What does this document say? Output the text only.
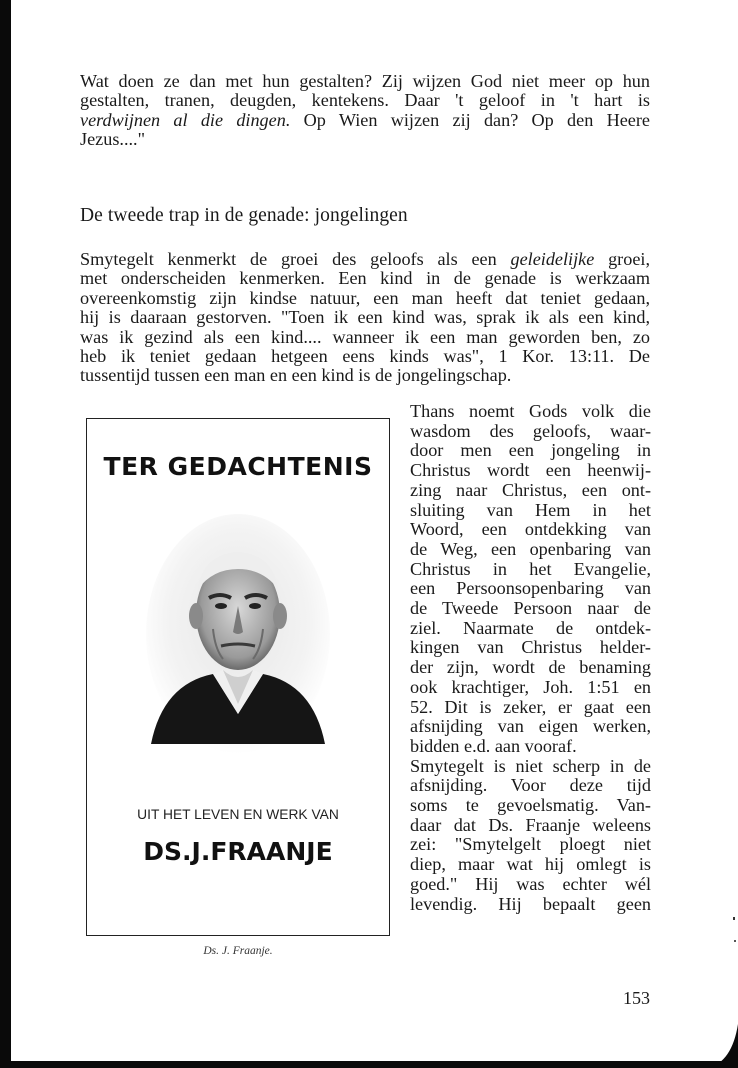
Wat doen ze dan met hun gestalten? Zij wijzen God niet meer op hun
gestalten, tranen, deugden, kentekens. Daar 't geloof in 't hart is
verdwijnen al die dingen. Op Wien wijzen zij dan? Op den Heere
Jezus...."
De tweede trap in de genade: jongelingen
Smytegelt kenmerkt de groei des geloofs als een geleidelijke groei,
met onderscheiden kenmerken. Een kind in de genade is werkzaam
overeenkomstig zijn kindse natuur, een man heeft dat teniet gedaan,
hij is daaraan gestorven. "Toen ik een kind was, sprak ik als een kind,
was ik gezind als een kind.... wanneer ik een man geworden ben, zo
heb ik teniet gedaan hetgeen eens kinds was", 1 Kor. 13:11. De
tussentijd tussen een man en een kind is de jongelingschap.
TER GEDACHTENIS
UIT HET LEVEN EN WERK VAN
DS.J.FRAANJE
Ds. J. Fraanje.
Thans noemt Gods volk die
wasdom des geloofs, waar-
door men een jongeling in
Christus wordt een heenwij-
zing naar Christus, een ont-
sluiting van Hem in het
Woord, een ontdekking van
de Weg, een openbaring van
Christus in het Evangelie,
een Persoonsopenbaring van
de Tweede Persoon naar de
ziel. Naarmate de ontdek-
kingen van Christus helder-
der zijn, wordt de benaming
ook krachtiger, Joh. 1:51 en
52. Dit is zeker, er gaat een
afsnijding van eigen werken,
bidden e.d. aan vooraf.
Smytegelt is niet scherp in de
afsnijding. Voor deze tijd
soms te gevoelsmatig. Van-
daar dat Ds. Fraanje weleens
zei: "Smytelgelt ploegt niet
diep, maar wat hij omlegt is
goed." Hij was echter wél
levendig. Hij bepaalt geen
153
